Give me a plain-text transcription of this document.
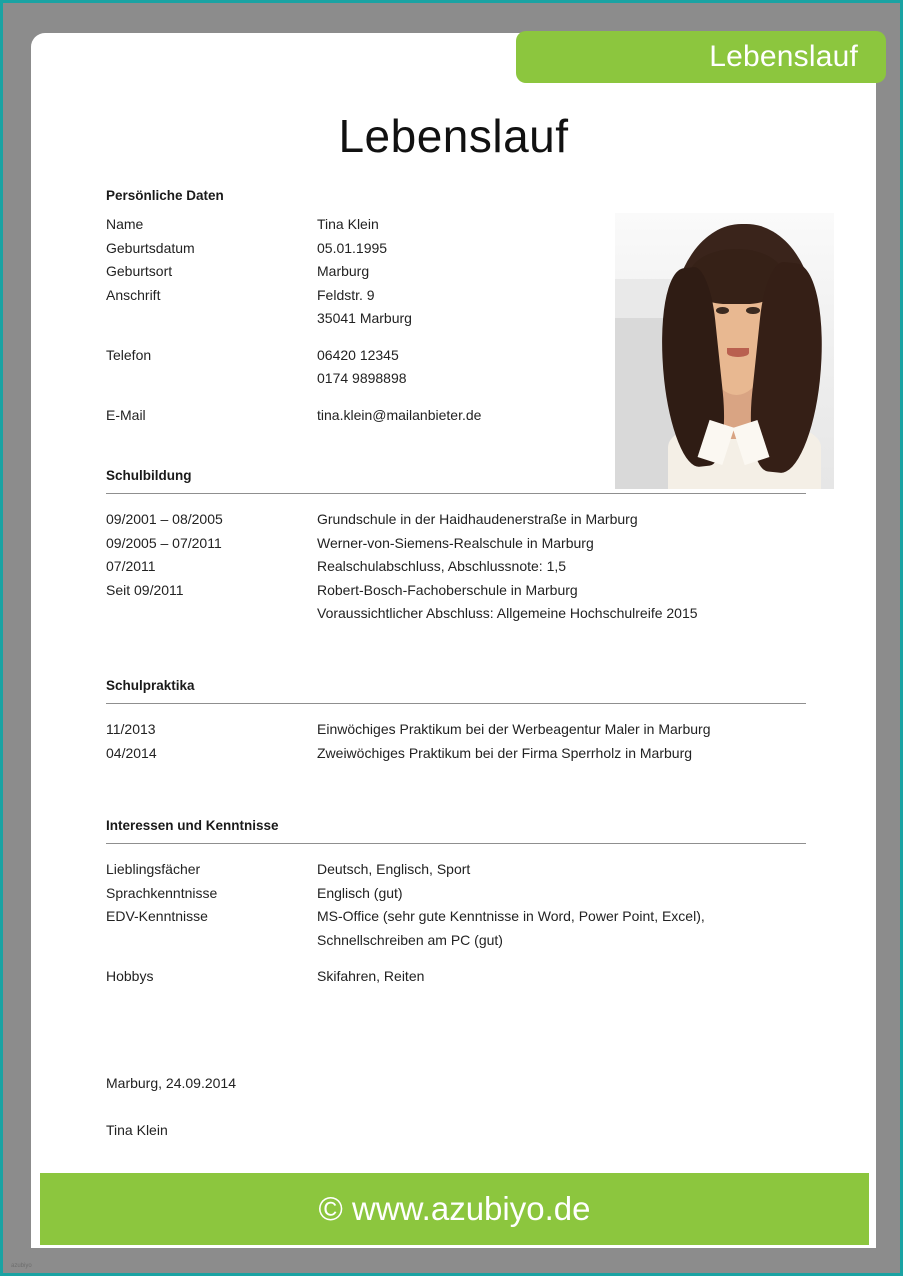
Lebenslauf
Persönliche Daten
Name	Tina Klein
Geburtsdatum	05.01.1995
Geburtsort	Marburg
Anschrift	Feldstr. 9
35041 Marburg
Telefon	06420 12345
0174 9898898
E-Mail	tina.klein@mailanbieter.de
Schulbildung
09/2001 – 08/2005	Grundschule in der Haidhaudenerstraße in Marburg
09/2005 – 07/2011	Werner-von-Siemens-Realschule in Marburg
07/2011	Realschulabschluss, Abschlussnote: 1,5
Seit 09/2011	Robert-Bosch-Fachoberschule in Marburg
Voraussichtlicher Abschluss: Allgemeine Hochschulreife 2015
Schulpraktika
11/2013	Einwöchiges Praktikum bei der Werbeagentur Maler in Marburg
04/2014	Zweiwöchiges Praktikum bei der Firma Sperrholz in Marburg
Interessen und Kenntnisse
Lieblingsfächer	Deutsch, Englisch, Sport
Sprachkenntnisse	Englisch (gut)
EDV-Kenntnisse	MS-Office (sehr gute Kenntnisse in Word, Power Point, Excel),
Schnellschreiben am PC (gut)
Hobbys	Skifahren, Reiten
Marburg, 24.09.2014
Tina Klein
Lebenslauf
© www.azubiyo.de
azubiyo
